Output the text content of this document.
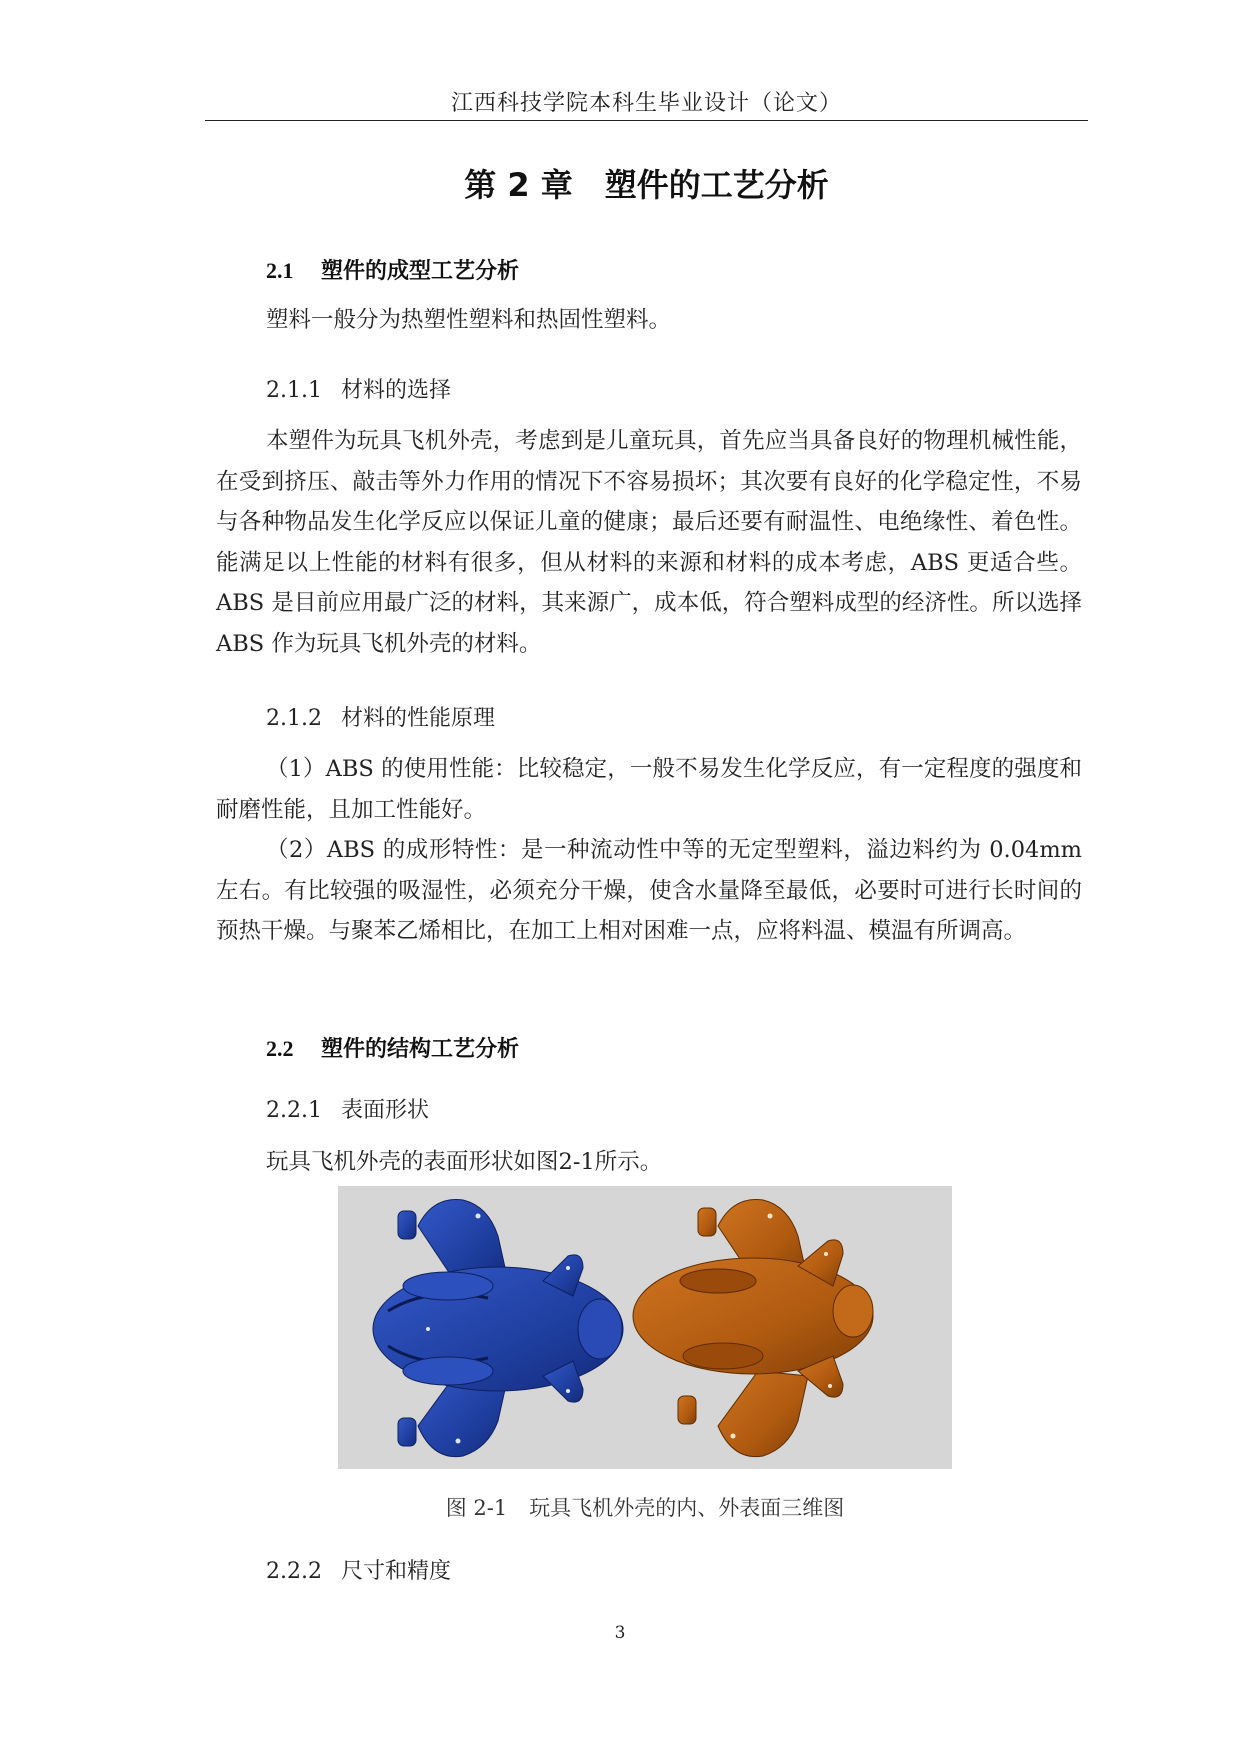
江西科技学院本科生毕业设计（论文）
第 2 章　塑件的工艺分析
2.1 塑件的成型工艺分析

塑料一般分为热塑性塑料和热固性塑料。

2.1.1 材料的选择

本塑件为玩具飞机外壳，考虑到是儿童玩具，首先应当具备良好的物理机械性能，在受到挤压、敲击等外力作用的情况下不容易损坏；其次要有良好的化学稳定性，不易与各种物品发生化学反应以保证儿童的健康；最后还要有耐温性、电绝缘性、着色性。能满足以上性能的材料有很多，但从材料的来源和材料的成本考虑，ABS 更适合些。ABS 是目前应用最广泛的材料，其来源广，成本低，符合塑料成型的经济性。所以选择 ABS 作为玩具飞机外壳的材料。

2.1.2 材料的性能原理

（1）ABS 的使用性能：比较稳定，一般不易发生化学反应，有一定程度的强度和耐磨性能，且加工性能好。

（2）ABS 的成形特性：是一种流动性中等的无定型塑料，溢边料约为 0.04mm 左右。有比较强的吸湿性，必须充分干燥，使含水量降至最低，必要时可进行长时间的预热干燥。与聚苯乙烯相比，在加工上相对困难一点，应将料温、模温有所调高。

2.2 塑件的结构工艺分析
2.2.1 表面形状

玩具飞机外壳的表面形状如图2-1所示。

图 2-1 玩具飞机外壳的内、外表面三维图
2.2.2 尺寸和精度
3
